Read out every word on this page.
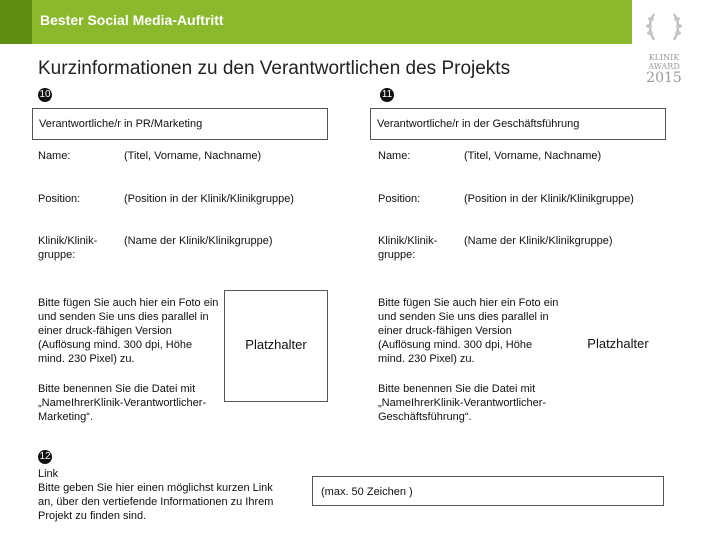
Bester Social Media-Auftritt
KLINIK
AWARD
2015
Kurzinformationen zu den Verantwortlichen des Projekts
10
Verantwortliche/r in PR/Marketing
Name:	(Titel, Vorname, Nachname)
Position:	(Position in der Klinik/Klinikgruppe)
Klinik/Klinik-gruppe:
(Name der Klinik/Klinikgruppe)
Bitte fügen Sie auch hier ein Foto ein und senden Sie uns dies parallel in einer druck-fähigen Version (Auflösung mind. 300 dpi, Höhe mind. 230 Pixel) zu.
Bitte benennen Sie die Datei mit „NameIhrerKlinik-Verantwortlicher-Marketing“.
Platzhalter
11
Verantwortliche/r in der Geschäftsführung
Name:	(Titel, Vorname, Nachname)
Position:	(Position in der Klinik/Klinikgruppe)
Klinik/Klinik-gruppe:
(Name der Klinik/Klinikgruppe)
Bitte fügen Sie auch hier ein Foto ein und senden Sie uns dies parallel in einer druck-fähigen Version (Auflösung mind. 300 dpi, Höhe mind. 230 Pixel) zu.
Bitte benennen Sie die Datei mit „NameIhrerKlinik-Verantwortlicher-Geschäftsführung“.
Platzhalter
12
Link
Bitte geben Sie hier einen möglichst kurzen Link an, über den vertiefende Informationen zu Ihrem Projekt zu finden sind.
(max. 50 Zeichen )
